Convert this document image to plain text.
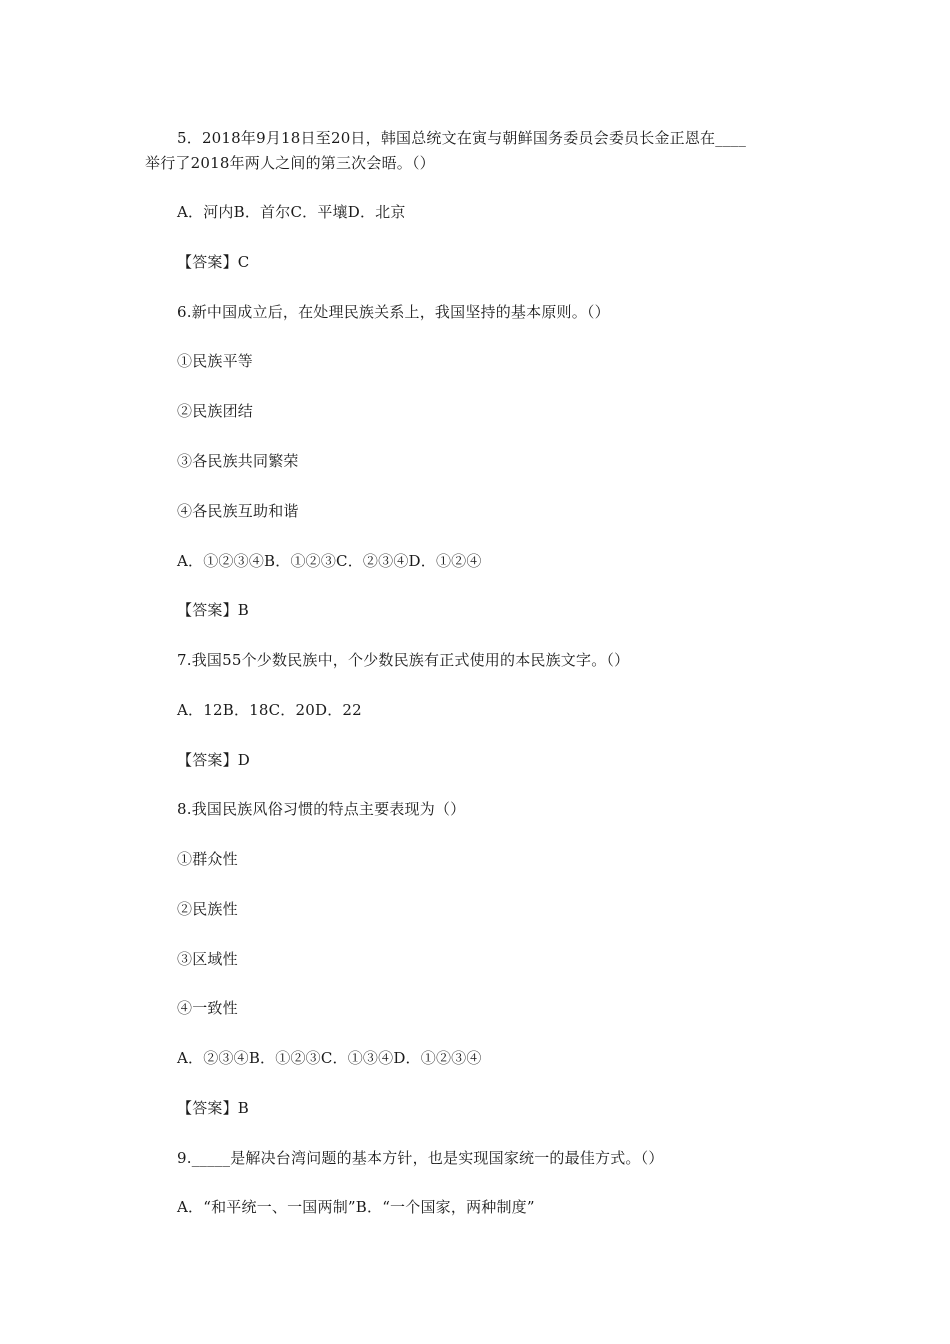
5．2018年9月18日至20日，韩国总统文在寅与朝鲜国务委员会委员长金正恩在____
举行了2018年两人之间的第三次会晤。（）
A．河内B．首尔C．平壤D．北京
【答案】C
6.新中国成立后，在处理民族关系上，我国坚持的基本原则。（）
①民族平等
②民族团结
③各民族共同繁荣
④各民族互助和谐
A．①②③④B．①②③C．②③④D．①②④
【答案】B
7.我国55个少数民族中，个少数民族有正式使用的本民族文字。（）
A．12B．18C．20D．22
【答案】D
8.我国民族风俗习惯的特点主要表现为（）
①群众性
②民族性
③区域性
④一致性
A．②③④B．①②③C．①③④D．①②③④
【答案】B
9._____是解决台湾问题的基本方针，也是实现国家统一的最佳方式。（）
A．“和平统一、一国两制”B．“一个国家，两种制度”
